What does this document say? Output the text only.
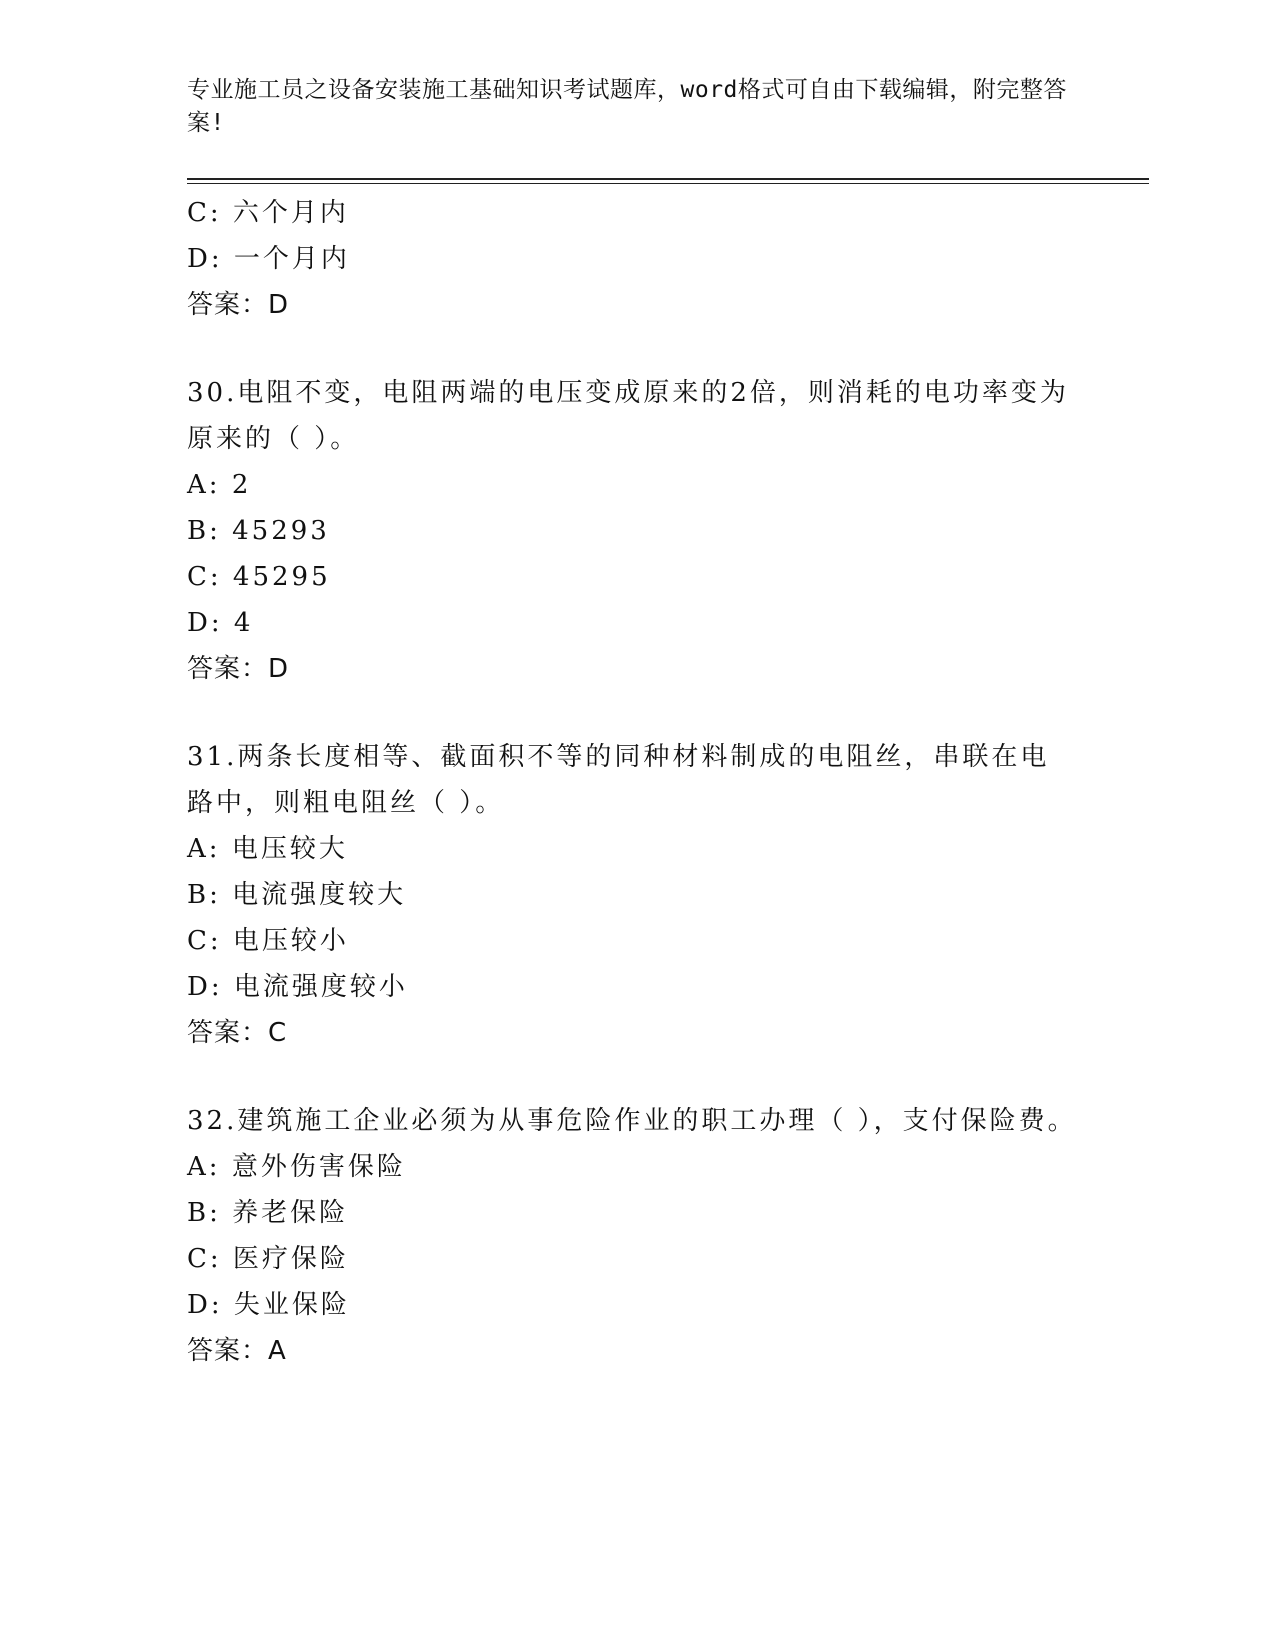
专业施工员之设备安装施工基础知识考试题库，word格式可自由下载编辑，附完整答案!
C: 六个月内
D: 一个月内
答案：D
30.电阻不变，电阻两端的电压变成原来的2倍，则消耗的电功率变为原来的（ ）。
A: 2
B: 45293
C: 45295
D: 4
答案：D
31.两条长度相等、截面积不等的同种材料制成的电阻丝，串联在电路中，则粗电阻丝（ ）。
A: 电压较大
B: 电流强度较大
C: 电压较小
D: 电流强度较小
答案：C
32.建筑施工企业必须为从事危险作业的职工办理（ ），支付保险费。
A: 意外伤害保险
B: 养老保险
C: 医疗保险
D: 失业保险
答案：A
